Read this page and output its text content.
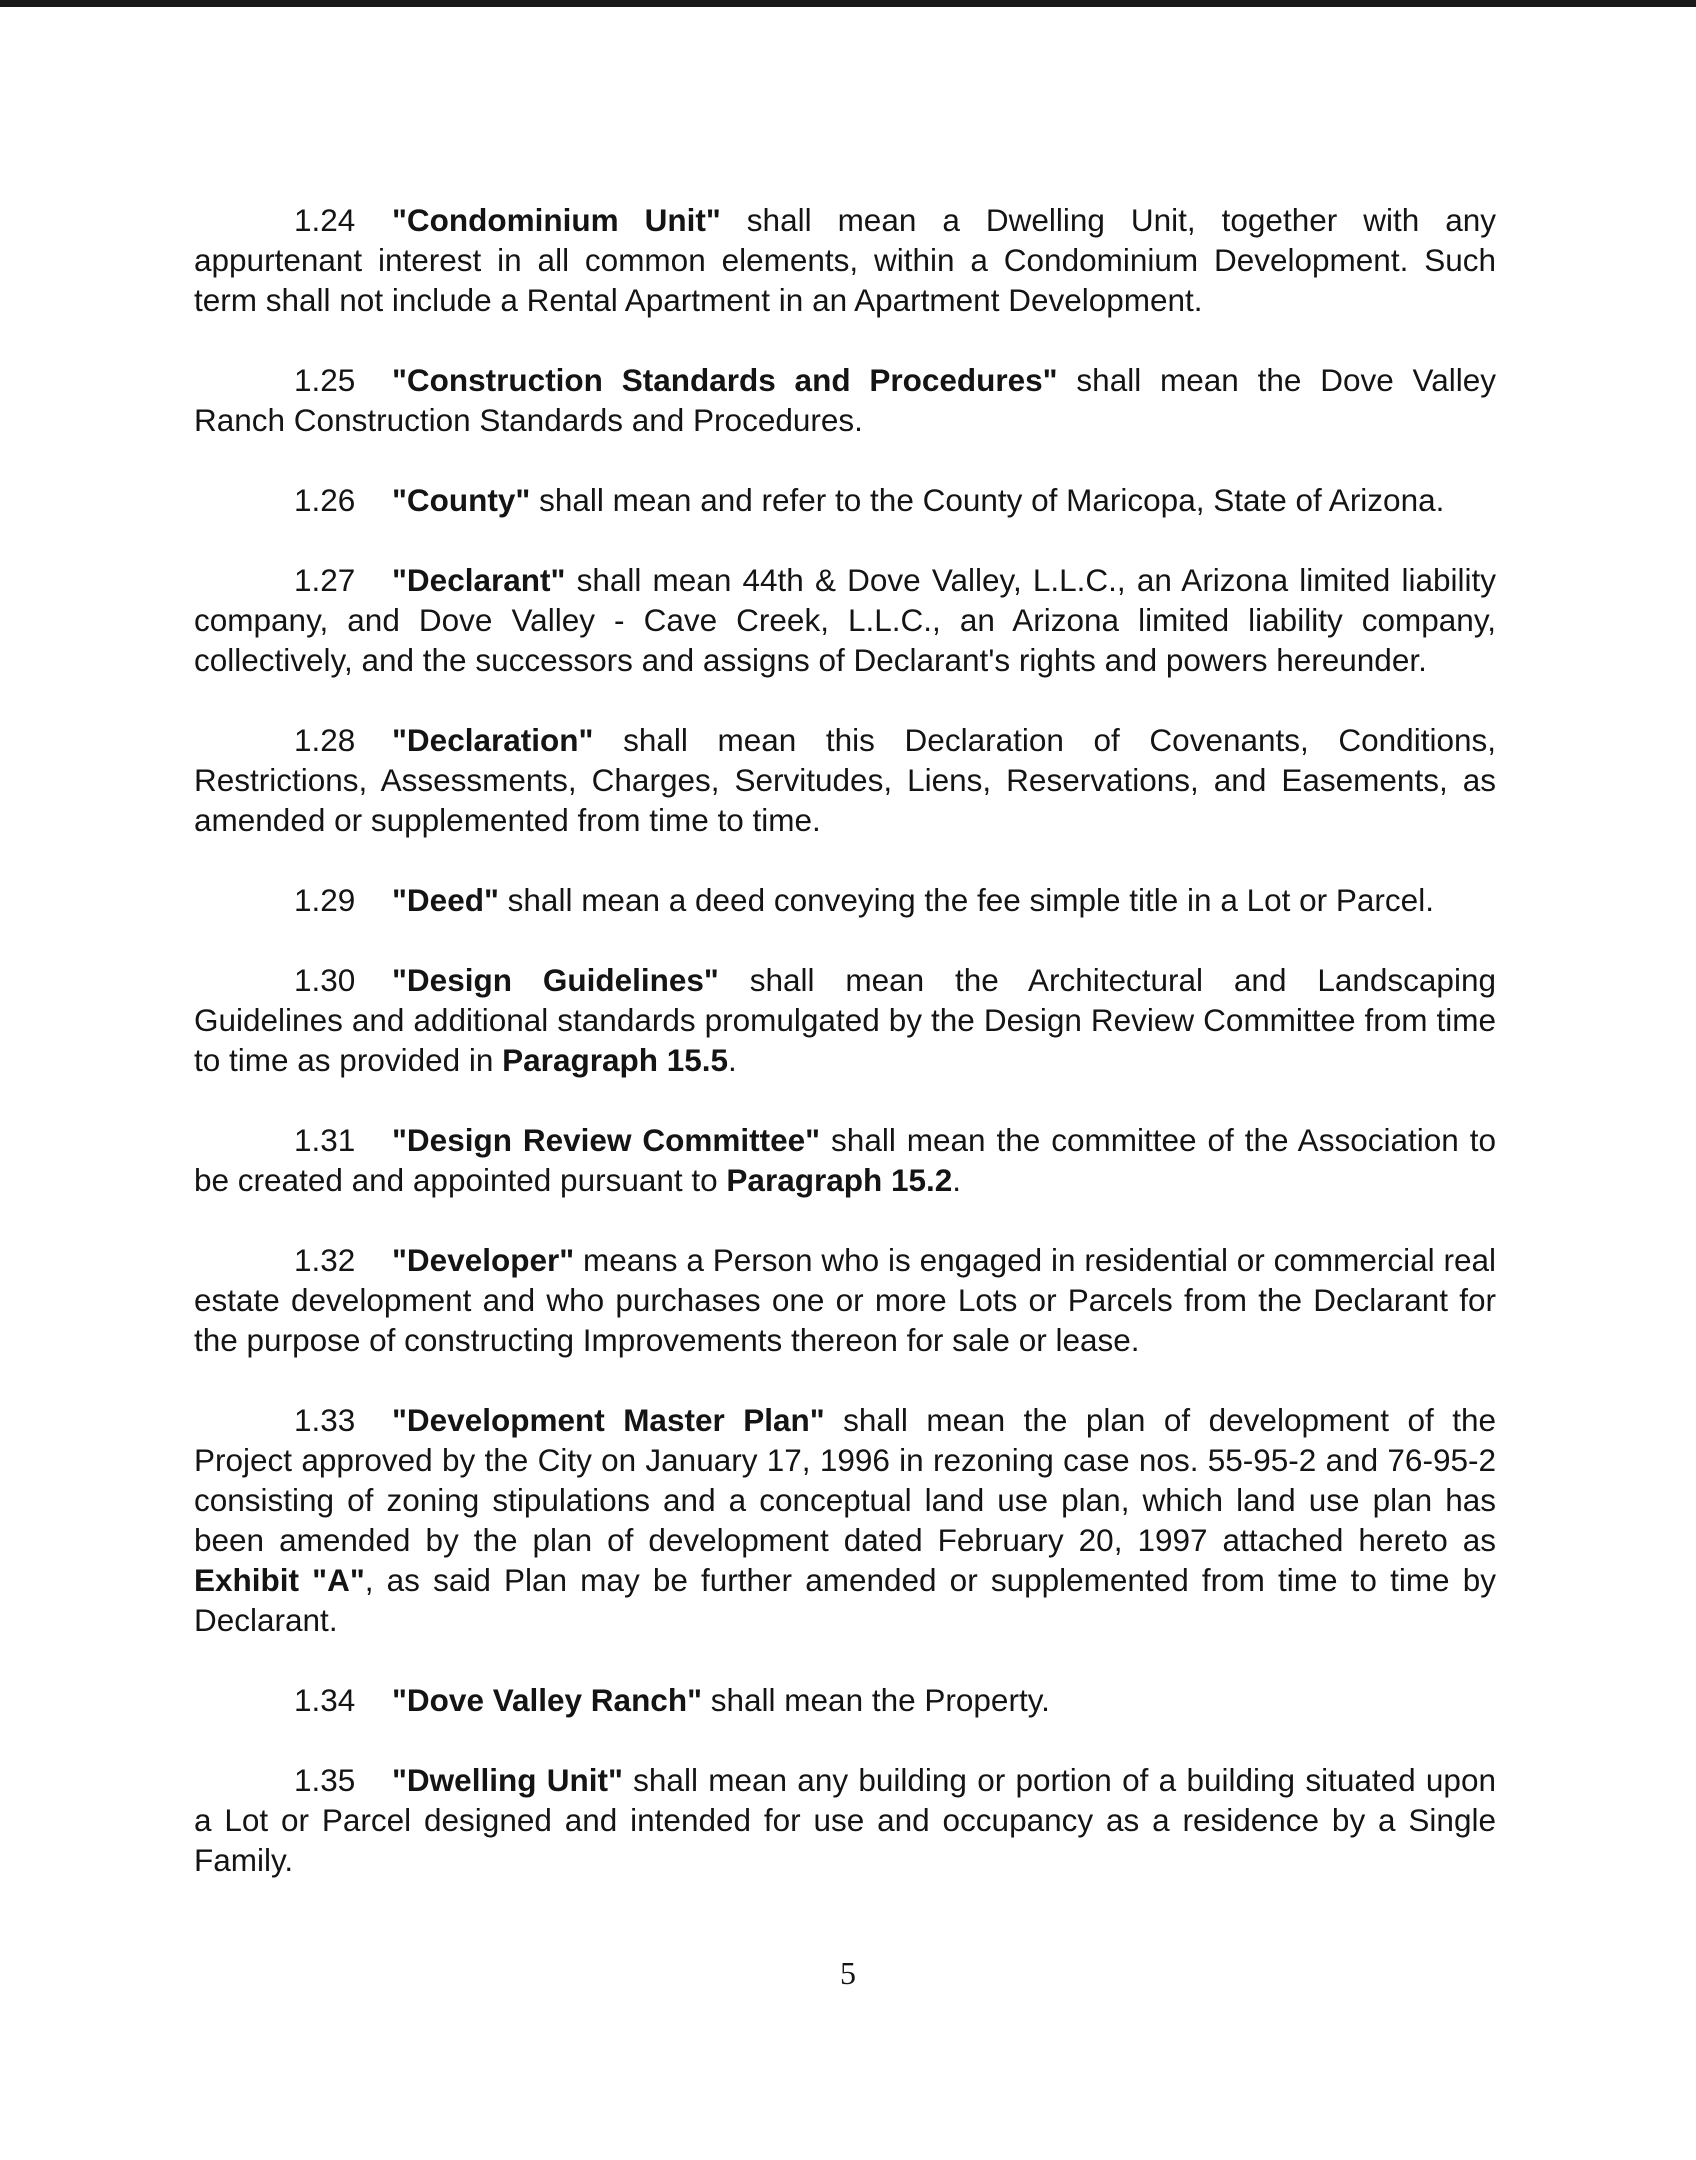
1.24 "Condominium Unit" shall mean a Dwelling Unit, together with any appurtenant interest in all common elements, within a Condominium Development. Such term shall not include a Rental Apartment in an Apartment Development.

1.25 "Construction Standards and Procedures" shall mean the Dove Valley Ranch Construction Standards and Procedures.

1.26 "County" shall mean and refer to the County of Maricopa, State of Arizona.

1.27 "Declarant" shall mean 44th & Dove Valley, L.L.C., an Arizona limited liability company, and Dove Valley - Cave Creek, L.L.C., an Arizona limited liability company, collectively, and the successors and assigns of Declarant's rights and powers hereunder.

1.28 "Declaration" shall mean this Declaration of Covenants, Conditions, Restrictions, Assessments, Charges, Servitudes, Liens, Reservations, and Easements, as amended or supplemented from time to time.

1.29 "Deed" shall mean a deed conveying the fee simple title in a Lot or Parcel.

1.30 "Design Guidelines" shall mean the Architectural and Landscaping Guidelines and additional standards promulgated by the Design Review Committee from time to time as provided in Paragraph 15.5.

1.31 "Design Review Committee" shall mean the committee of the Association to be created and appointed pursuant to Paragraph 15.2.

1.32 "Developer" means a Person who is engaged in residential or commercial real estate development and who purchases one or more Lots or Parcels from the Declarant for the purpose of constructing Improvements thereon for sale or lease.

1.33 "Development Master Plan" shall mean the plan of development of the Project approved by the City on January 17, 1996 in rezoning case nos. 55-95-2 and 76-95-2 consisting of zoning stipulations and a conceptual land use plan, which land use plan has been amended by the plan of development dated February 20, 1997 attached hereto as Exhibit "A", as said Plan may be further amended or supplemented from time to time by Declarant.

1.34 "Dove Valley Ranch" shall mean the Property.

1.35 "Dwelling Unit" shall mean any building or portion of a building situated upon a Lot or Parcel designed and intended for use and occupancy as a residence by a Single Family.

5
